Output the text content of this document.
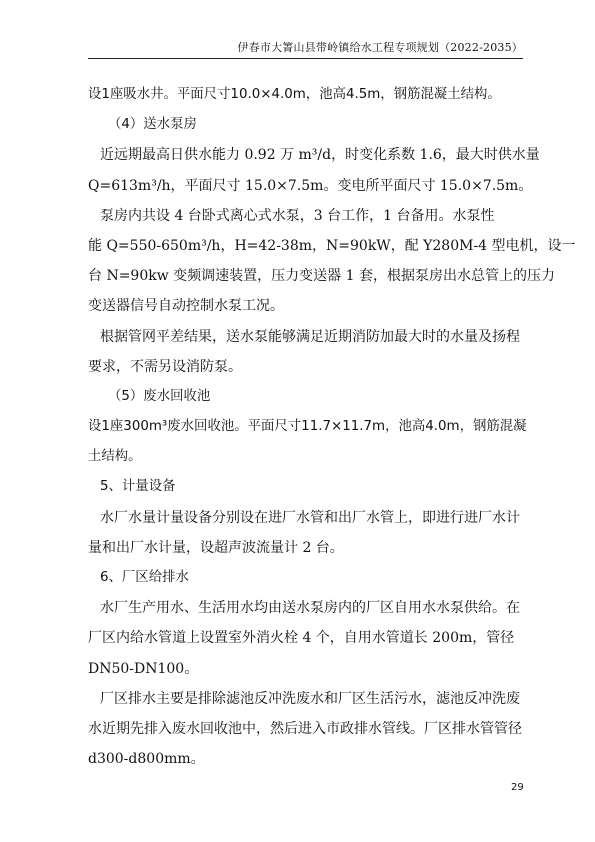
伊春市大箐山县带岭镇给水工程专项规划（2022-2035）
设1座吸水井。平面尺寸10.0×4.0m，池高4.5m，钢筋混凝土结构。
（4）送水泵房
近远期最高日供水能力 0.92 万 m³/d，时变化系数 1.6，最大时供水量
Q=613m³/h，平面尺寸 15.0×7.5m。变电所平面尺寸 15.0×7.5m。
泵房内共设 4 台卧式离心式水泵，3 台工作，1 台备用。水泵性
能 Q=550-650m³/h，H=42-38m，N=90kW，配 Y280M-4 型电机，设一
台 N=90kw 变频调速装置，压力变送器 1 套，根据泵房出水总管上的压力
变送器信号自动控制水泵工况。
根据管网平差结果，送水泵能够满足近期消防加最大时的水量及扬程
要求，不需另设消防泵。
（5）废水回收池
设1座300m³废水回收池。平面尺寸11.7×11.7m，池高4.0m，钢筋混凝
土结构。
5、计量设备
水厂水量计量设备分别设在进厂水管和出厂水管上，即进行进厂水计
量和出厂水计量，设超声波流量计 2 台。
6、厂区给排水
水厂生产用水、生活用水均由送水泵房内的厂区自用水水泵供给。在
厂区内给水管道上设置室外消火栓 4 个，自用水管道长 200m，管径
DN50-DN100。
厂区排水主要是排除滤池反冲洗废水和厂区生活污水，滤池反冲洗废
水近期先排入废水回收池中，然后进入市政排水管线。厂区排水管管径
d300-d800mm。
29
